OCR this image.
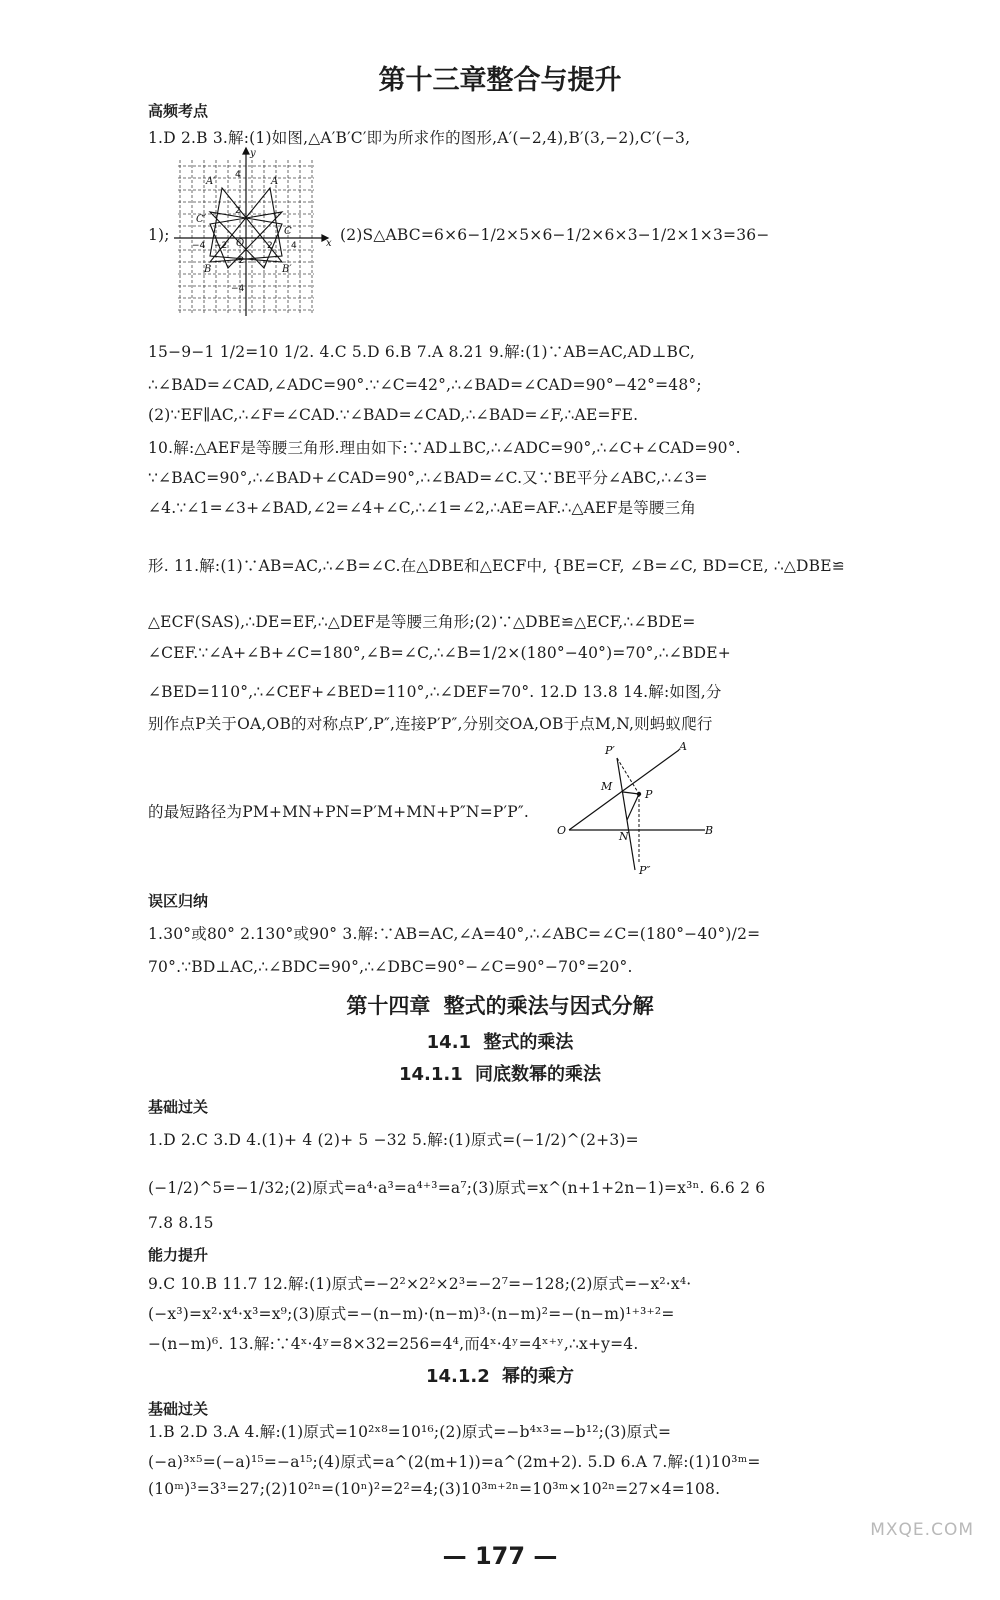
第十三章整合与提升
高频考点
1.D 2.B 3.解:(1)如图,△A′B′C′即为所求作的图形,A′(−2,4),B′(3,−2),C′(−3,
y
x
O
A
B
C
A′
B′
C′
4
2
−2
−4
4
2
−2
−4
(2)S△ABC=6×6−1/2×5×6−1/2×6×3−1/2×1×3=36−
1);
15−9−1 1/2=10 1/2. 4.C 5.D 6.B 7.A 8.21 9.解:(1)∵AB=AC,AD⊥BC,
∴∠BAD=∠CAD,∠ADC=90°.∵∠C=42°,∴∠BAD=∠CAD=90°−42°=48°;
(2)∵EF∥AC,∴∠F=∠CAD.∵∠BAD=∠CAD,∴∠BAD=∠F,∴AE=FE.
10.解:△AEF是等腰三角形.理由如下:∵AD⊥BC,∴∠ADC=90°,∴∠C+∠CAD=90°.
∵∠BAC=90°,∴∠BAD+∠CAD=90°,∴∠BAD=∠C.又∵BE平分∠ABC,∴∠3=
∠4.∵∠1=∠3+∠BAD,∠2=∠4+∠C,∴∠1=∠2,∴AE=AF.∴△AEF是等腰三角
形. 11.解:(1)∵AB=AC,∴∠B=∠C.在△DBE和△ECF中, {BE=CF, ∠B=∠C, BD=CE, ∴△DBE≌
△ECF(SAS),∴DE=EF,∴△DEF是等腰三角形;(2)∵△DBE≌△ECF,∴∠BDE=
∠CEF.∵∠A+∠B+∠C=180°,∠B=∠C,∴∠B=1/2×(180°−40°)=70°,∴∠BDE+
∠BED=110°,∴∠CEF+∠BED=110°,∴∠DEF=70°. 12.D 13.8 14.解:如图,分
别作点P关于OA,OB的对称点P′,P″,连接P′P″,分别交OA,OB于点M,N,则蚂蚁爬行
O
A
B
P
P′
P″
M
N
的最短路径为PM+MN+PN=P′M+MN+P″N=P′P″.
误区归纳
1.30°或80° 2.130°或90° 3.解:∵AB=AC,∠A=40°,∴∠ABC=∠C=(180°−40°)/2=
70°.∵BD⊥AC,∴∠BDC=90°,∴∠DBC=90°−∠C=90°−70°=20°.
第十四章 整式的乘法与因式分解
14.1 整式的乘法
14.1.1 同底数幂的乘法
基础过关
1.D 2.C 3.D 4.(1)+ 4 (2)+ 5 −32 5.解:(1)原式=(−1/2)^(2+3)=
(−1/2)^5=−1/32;(2)原式=a⁴·a³=a⁴⁺³=a⁷;(3)原式=x^(n+1+2n−1)=x³ⁿ. 6.6 2 6
7.8 8.15
能力提升
9.C 10.B 11.7 12.解:(1)原式=−2²×2²×2³=−2⁷=−128;(2)原式=−x²·x⁴·
(−x³)=x²·x⁴·x³=x⁹;(3)原式=−(n−m)·(n−m)³·(n−m)²=−(n−m)¹⁺³⁺²=
−(n−m)⁶. 13.解:∵4ˣ·4ʸ=8×32=256=4⁴,而4ˣ·4ʸ=4ˣ⁺ʸ,∴x+y=4.
14.1.2 幂的乘方
基础过关
1.B 2.D 3.A 4.解:(1)原式=10²ˣ⁸=10¹⁶;(2)原式=−b⁴ˣ³=−b¹²;(3)原式=
(−a)³ˣ⁵=(−a)¹⁵=−a¹⁵;(4)原式=a^(2(m+1))=a^(2m+2). 5.D 6.A 7.解:(1)10³ᵐ=
(10ᵐ)³=3³=27;(2)10²ⁿ=(10ⁿ)²=2²=4;(3)10³ᵐ⁺²ⁿ=10³ᵐ×10²ⁿ=27×4=108.
— 177 —
MXQE.COM
